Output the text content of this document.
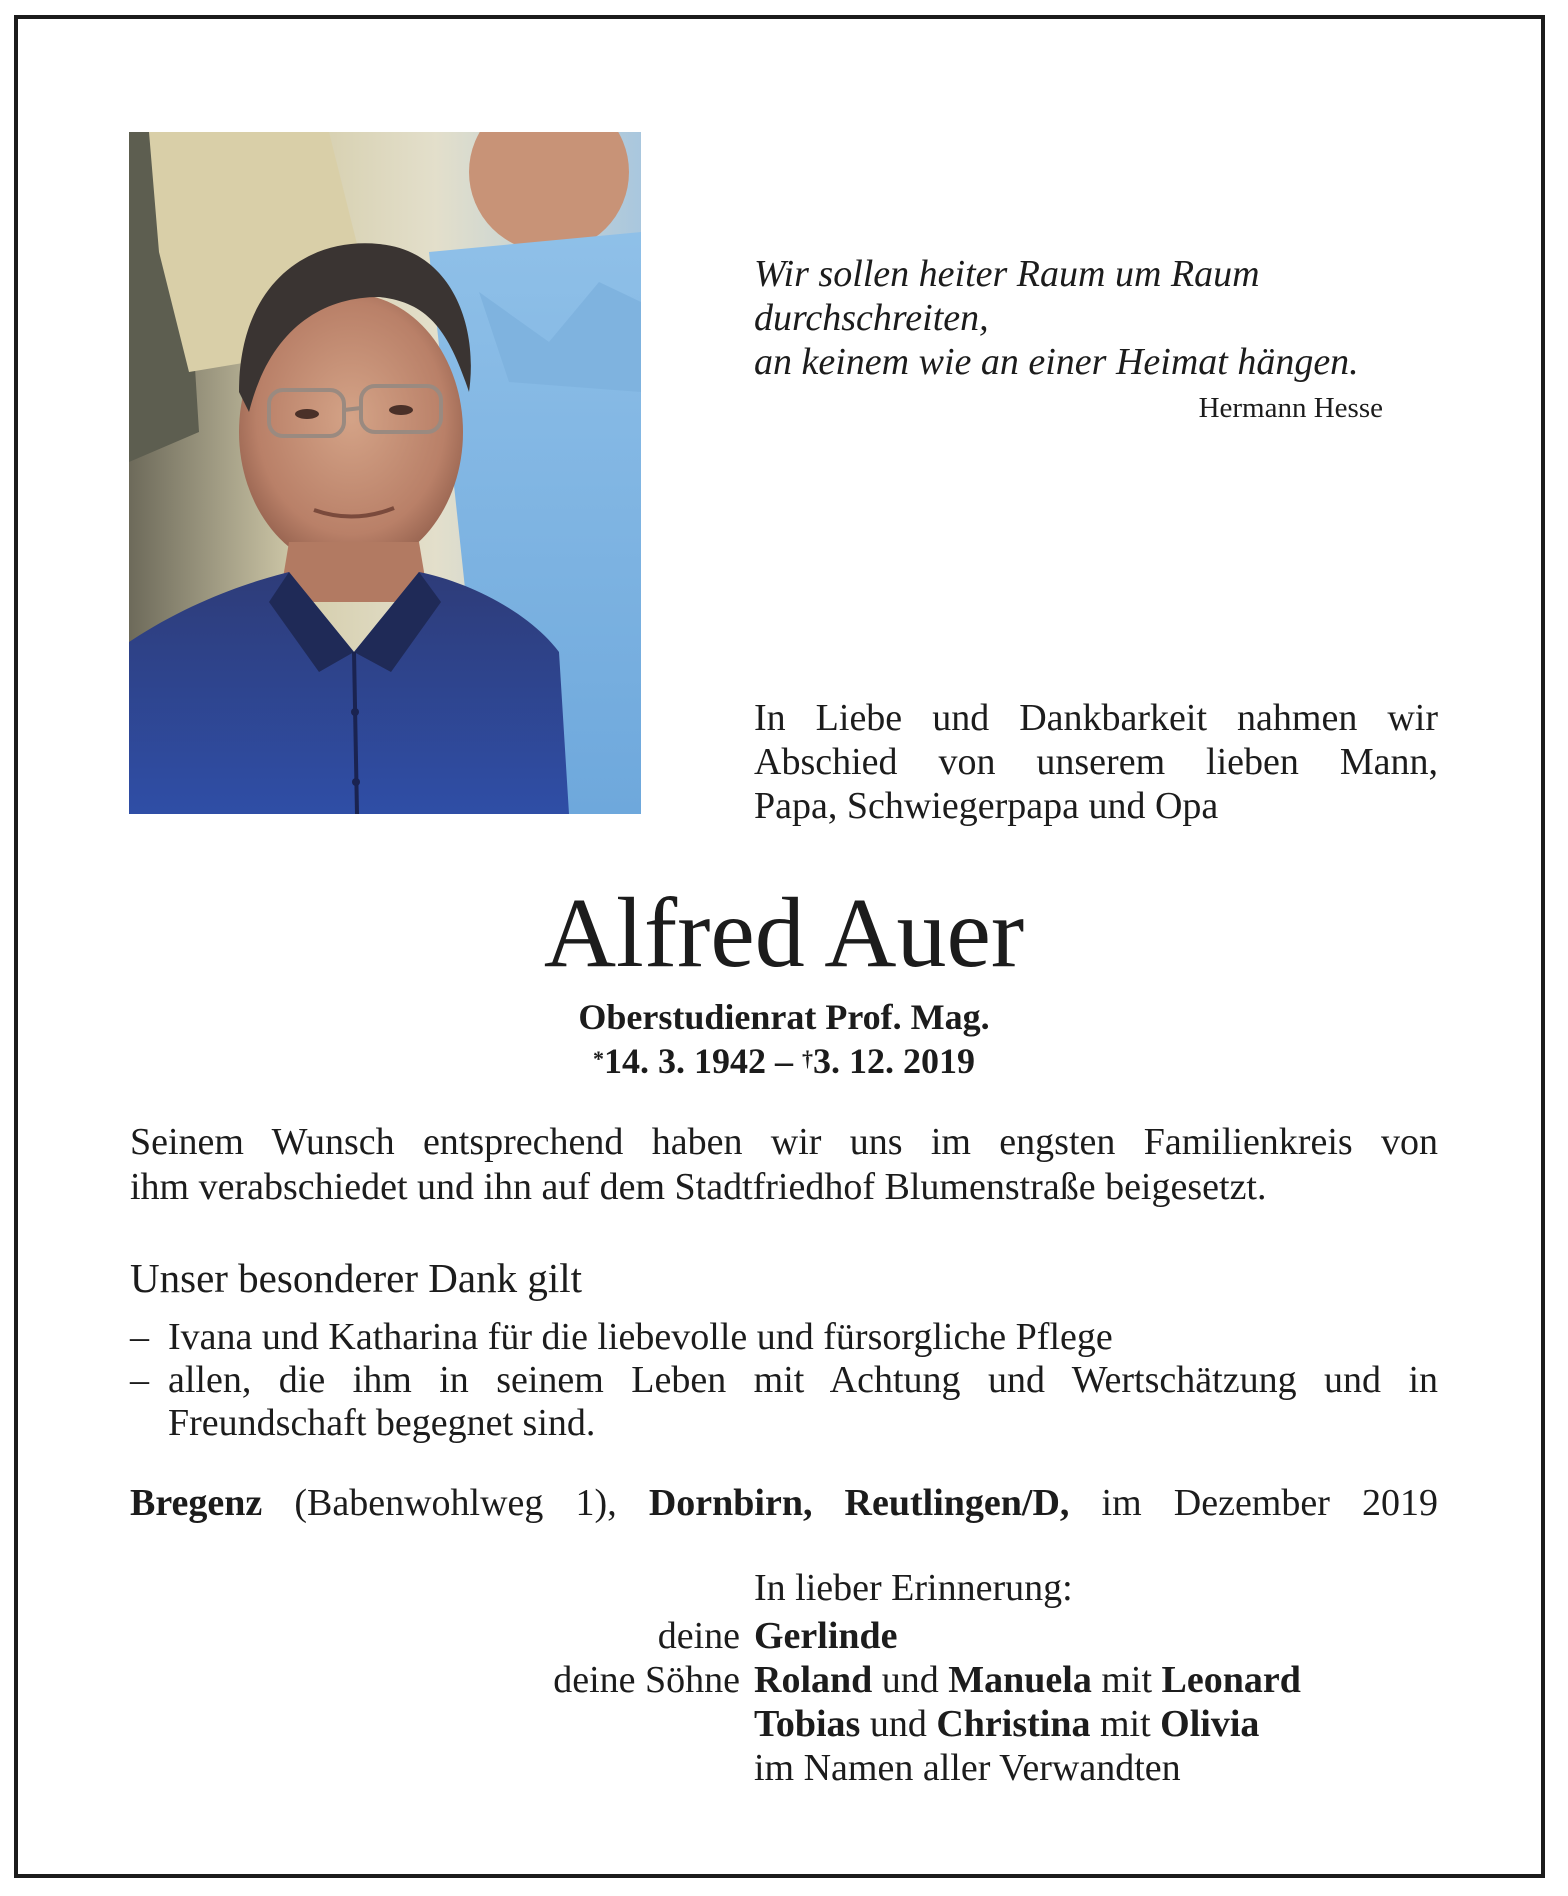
Wir sollen heiter Raum um Raum
durchschreiten,
an keinem wie an einer Heimat hängen.
Hermann Hesse
In Liebe und Dankbarkeit nahmen wir
Abschied von unserem lieben Mann,
Papa, Schwiegerpapa und Opa
Alfred Auer
Oberstudienrat Prof. Mag.
*14. 3. 1942 – †3. 12. 2019
Seinem Wunsch entsprechend haben wir uns im engsten Familienkreis von
ihm verabschiedet und ihn auf dem Stadtfriedhof Blumenstraße beigesetzt.
Unser besonderer Dank gilt
– Ivana und Katharina für die liebevolle und fürsorgliche Pflege
– allen, die ihm in seinem Leben mit Achtung und Wertschätzung und in
Freundschaft begegnet sind.
Bregenz (Babenwohlweg 1), Dornbirn, Reutlingen/D, im Dezember 2019
In lieber Erinnerung:
deine Gerlinde
deine Söhne Roland und Manuela mit Leonard
Tobias und Christina mit Olivia
im Namen aller Verwandten
